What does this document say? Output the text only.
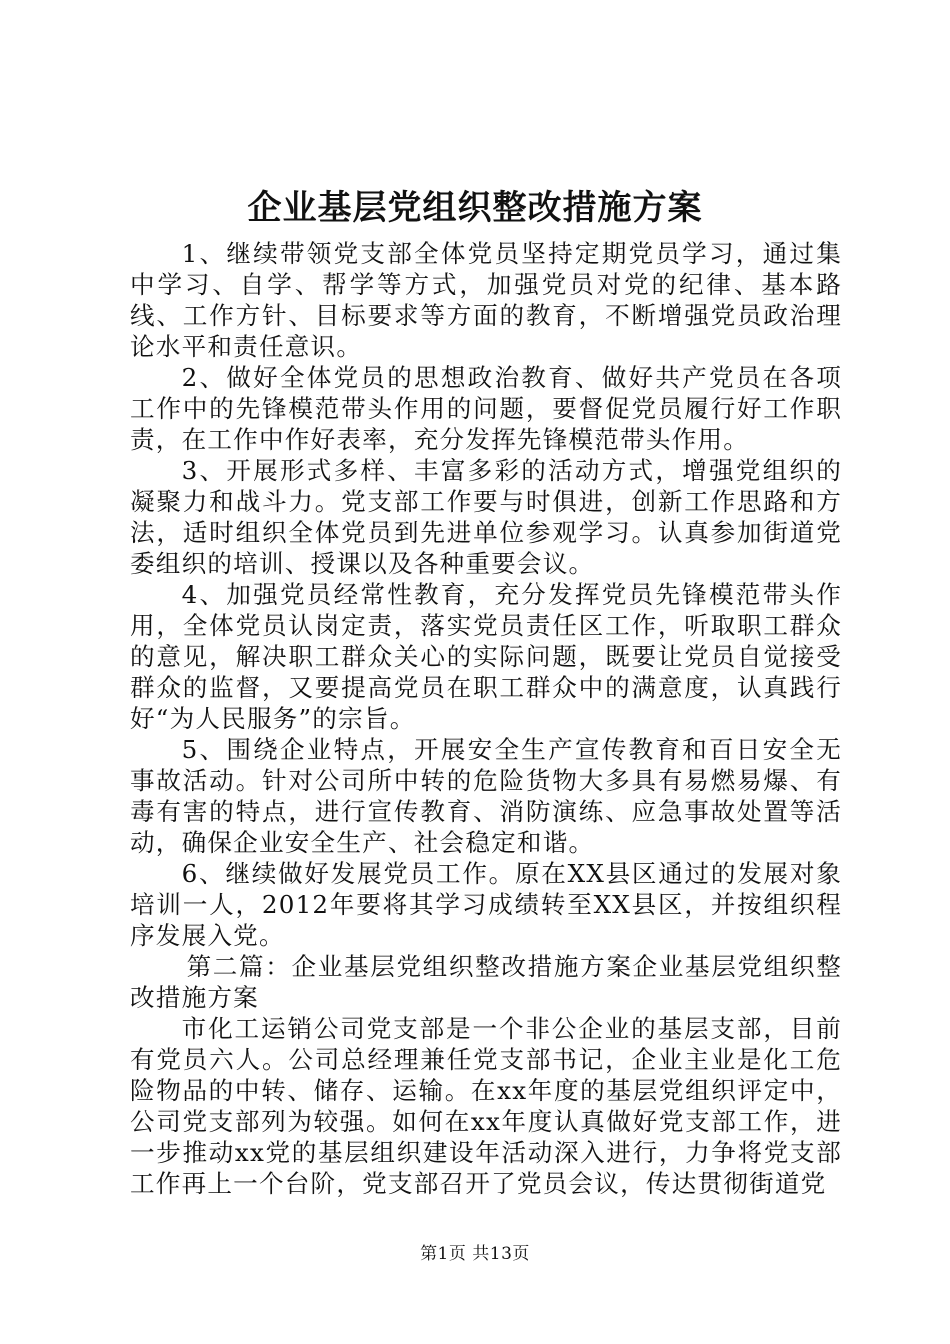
企业基层党组织整改措施方案

1、继续带领党支部全体党员坚持定期党员学习，通过集中学习、自学、帮学等方式，加强党员对党的纪律、基本路线、工作方针、目标要求等方面的教育，不断增强党员政治理论水平和责任意识。

2、做好全体党员的思想政治教育、做好共产党员在各项工作中的先锋模范带头作用的问题，要督促党员履行好工作职责，在工作中作好表率，充分发挥先锋模范带头作用。

3、开展形式多样、丰富多彩的活动方式，增强党组织的凝聚力和战斗力。党支部工作要与时俱进，创新工作思路和方法，适时组织全体党员到先进单位参观学习。认真参加街道党委组织的培训、授课以及各种重要会议。

4、加强党员经常性教育，充分发挥党员先锋模范带头作用，全体党员认岗定责，落实党员责任区工作，听取职工群众的意见，解决职工群众关心的实际问题，既要让党员自觉接受群众的监督，又要提高党员在职工群众中的满意度，认真践行好“为人民服务”的宗旨。

5、围绕企业特点，开展安全生产宣传教育和百日安全无事故活动。针对公司所中转的危险货物大多具有易燃易爆、有毒有害的特点，进行宣传教育、消防演练、应急事故处置等活动，确保企业安全生产、社会稳定和谐。

6、继续做好发展党员工作。原在XX县区通过的发展对象培训一人，2012年要将其学习成绩转至XX县区，并按组织程序发展入党。

第二篇：企业基层党组织整改措施方案企业基层党组织整改措施方案

市化工运销公司党支部是一个非公企业的基层支部，目前有党员六人。公司总经理兼任党支部书记，企业主业是化工危险物品的中转、储存、运输。在xx年度的基层党组织评定中，公司党支部列为较强。如何在xx年度认真做好党支部工作，进一步推动xx党的基层组织建设年活动深入进行，力争将党支部工作再上一个台阶，党支部召开了党员会议，传达贯彻街道党

第1页 共13页
